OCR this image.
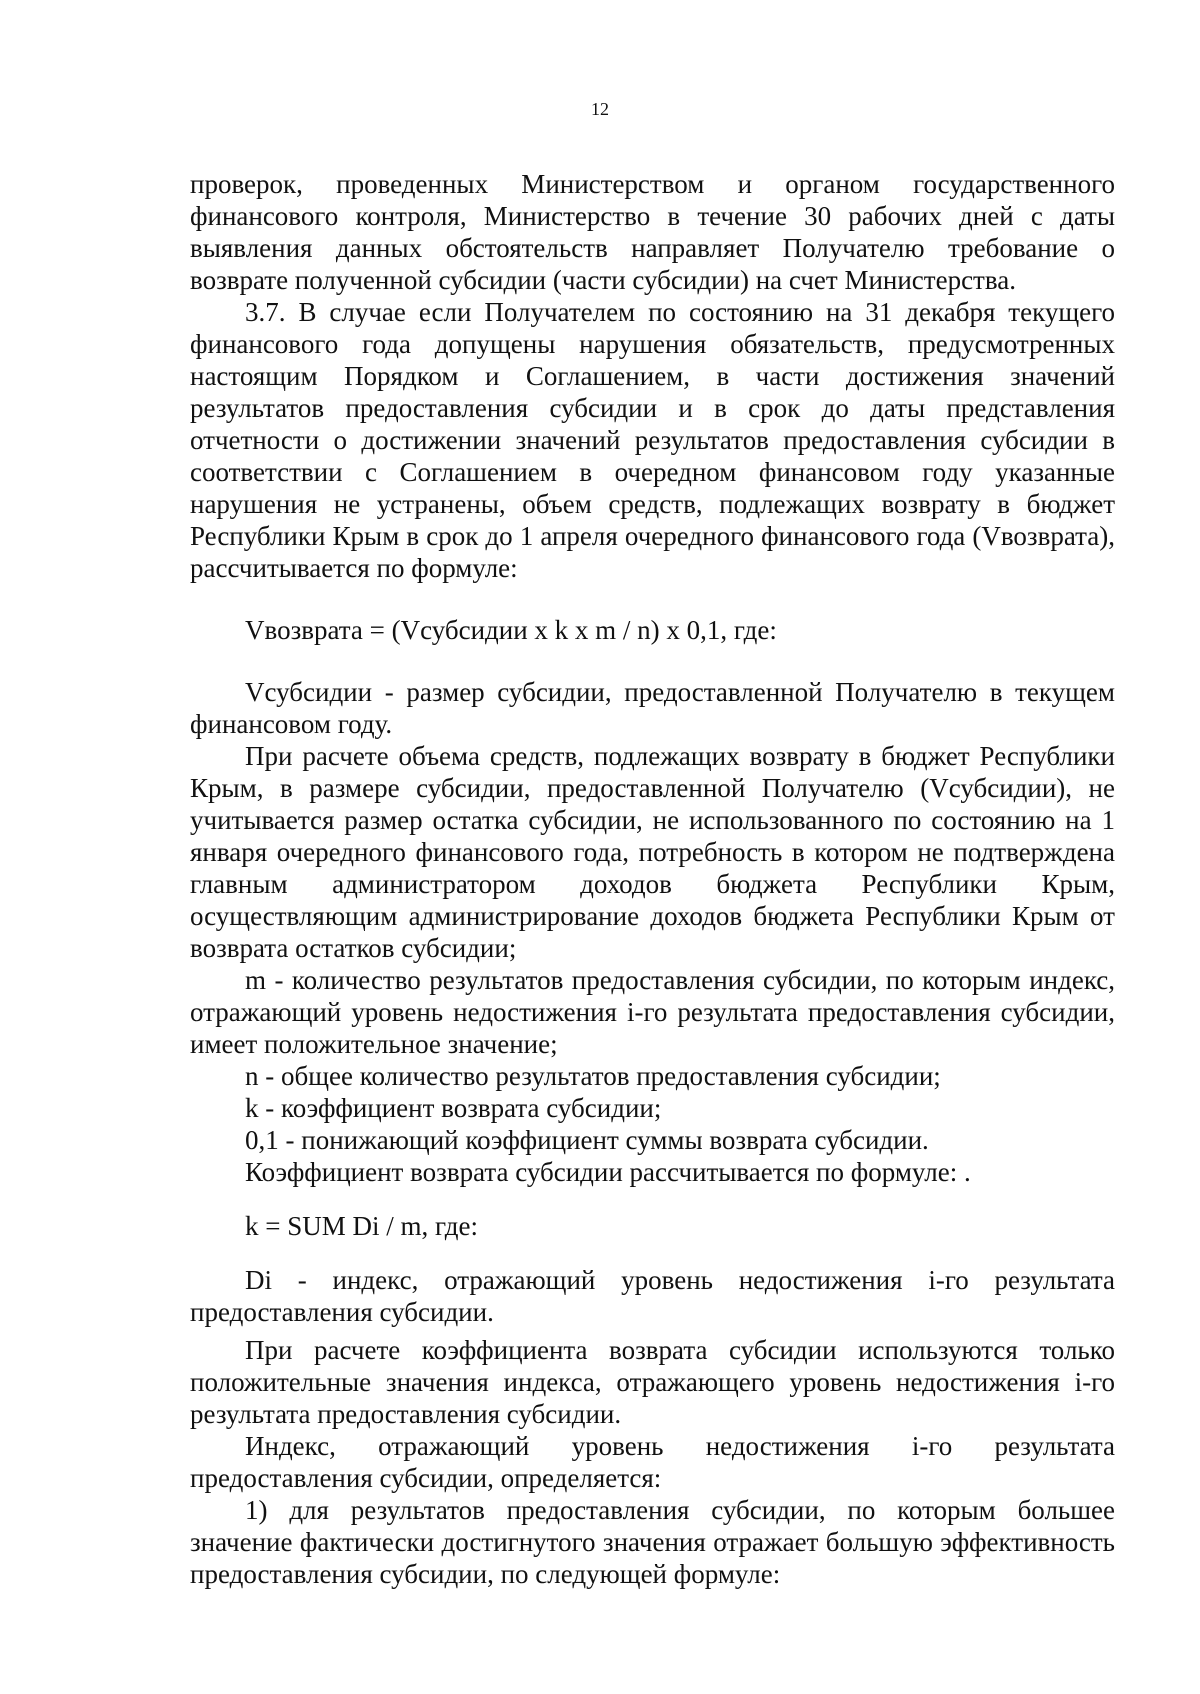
12

проверок, проведенных Министерством и органом государственного финансового контроля, Министерство в течение 30 рабочих дней с даты выявления данных обстоятельств направляет Получателю требование о возврате полученной субсидии (части субсидии) на счет Министерства.

3.7. В случае если Получателем по состоянию на 31 декабря текущего финансового года допущены нарушения обязательств, предусмотренных настоящим Порядком и Соглашением, в части достижения значений результатов предоставления субсидии и в срок до даты представления отчетности о достижении значений результатов предоставления субсидии в соответствии с Соглашением в очередном финансовом году указанные нарушения не устранены, объем средств, подлежащих возврату в бюджет Республики Крым в срок до 1 апреля очередного финансового года (Vвозврата), рассчитывается по формуле:

Vвозврата = (Vсубсидии x k x m / n) x 0,1, где:

Vсубсидии - размер субсидии, предоставленной Получателю в текущем финансовом году.

При расчете объема средств, подлежащих возврату в бюджет Республики Крым, в размере субсидии, предоставленной Получателю (Vсубсидии), не учитывается размер остатка субсидии, не использованного по состоянию на 1 января очередного финансового года, потребность в котором не подтверждена главным администратором доходов бюджета Республики Крым, осуществляющим администрирование доходов бюджета Республики Крым от возврата остатков субсидии;

m - количество результатов предоставления субсидии, по которым индекс, отражающий уровень недостижения i-го результата предоставления субсидии, имеет положительное значение;

n - общее количество результатов предоставления субсидии;

k - коэффициент возврата субсидии;

0,1 - понижающий коэффициент суммы возврата субсидии.

Коэффициент возврата субсидии рассчитывается по формуле: .

k = SUM Di / m, где:

Di - индекс, отражающий уровень недостижения i-го результата предоставления субсидии.

При расчете коэффициента возврата субсидии используются только положительные значения индекса, отражающего уровень недостижения i-го результата предоставления субсидии.

Индекс, отражающий уровень недостижения i-го результата предоставления субсидии, определяется:

1) для результатов предоставления субсидии, по которым большее значение фактически достигнутого значения отражает большую эффективность предоставления субсидии, по следующей формуле:
